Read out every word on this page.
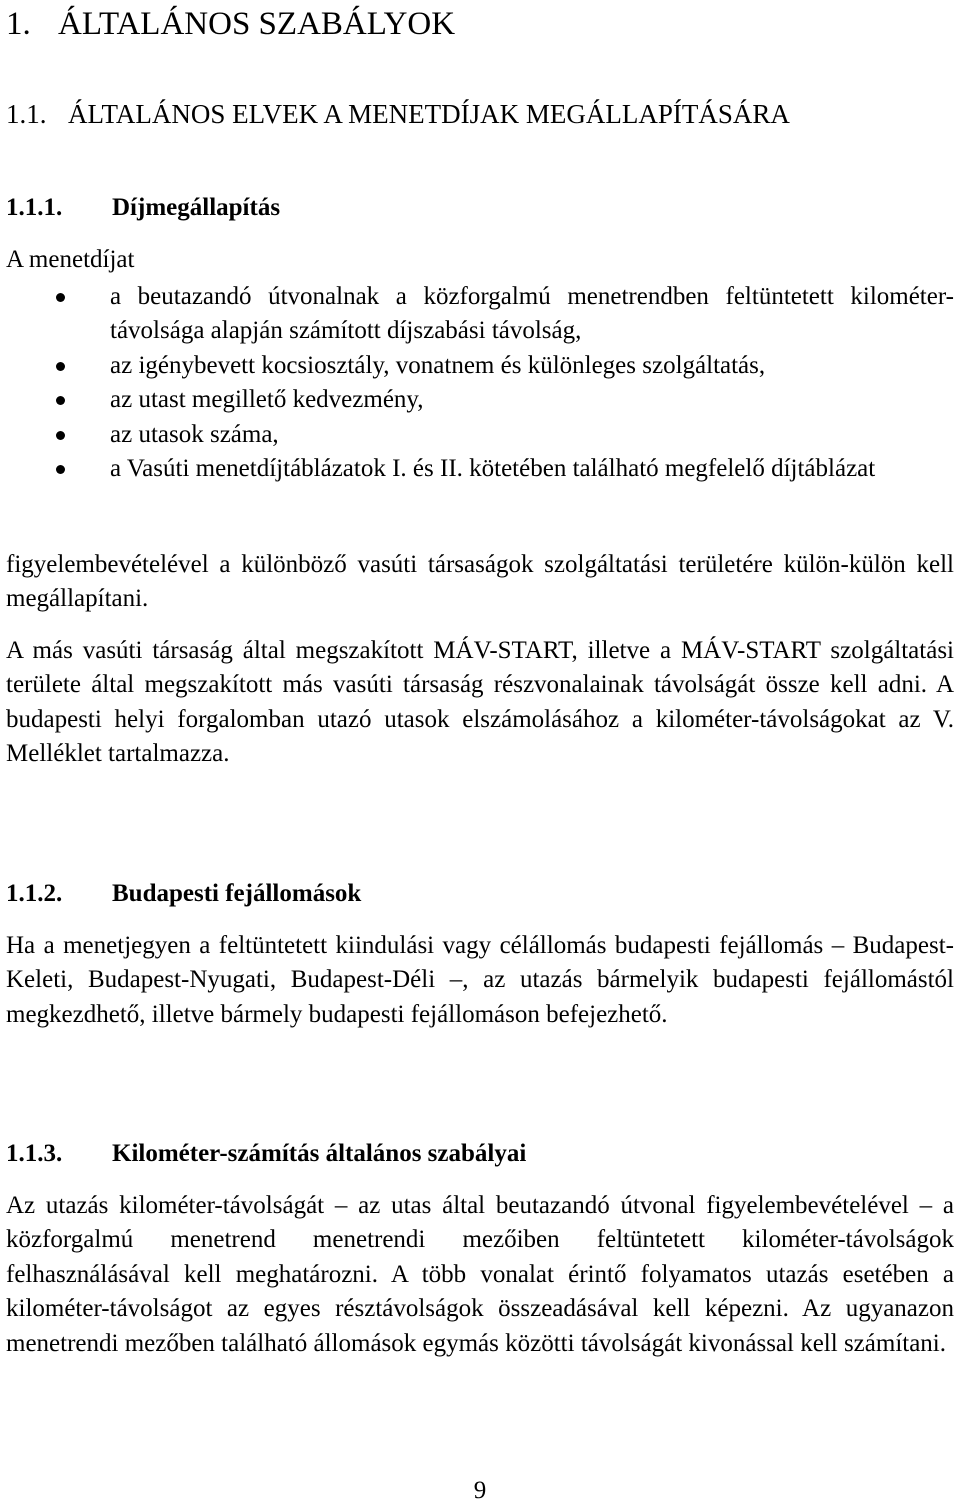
1. ÁLTALÁNOS SZABÁLYOK
1.1. ÁLTALÁNOS ELVEK A MENETDÍJAK MEGÁLLAPÍTÁSÁRA
1.1.1. Díjmegállapítás
A menetdíjat
a beutazandó útvonalnak a közforgalmú menetrendben feltüntetett kilométer-távolsága alapján számított díjszabási távolság,
az igénybevett kocsiosztály, vonatnem és különleges szolgáltatás,
az utast megillető kedvezmény,
az utasok száma,
a Vasúti menetdíjtáblázatok I. és II. kötetében található megfelelő díjtáblázat

figyelembevételével a különböző vasúti társaságok szolgáltatási területére külön-külön kell megállapítani.

A más vasúti társaság által megszakított MÁV-START, illetve a MÁV-START szolgáltatási területe által megszakított más vasúti társaság részvonalainak távolságát össze kell adni. A budapesti helyi forgalomban utazó utasok elszámolásához a kilométer-távolságokat az V. Melléklet tartalmazza.

1.1.2. Budapesti fejállomások

Ha a menetjegyen a feltüntetett kiindulási vagy célállomás budapesti fejállomás – Budapest-Keleti, Budapest-Nyugati, Budapest-Déli –, az utazás bármelyik budapesti fejállomástól megkezdhető, illetve bármely budapesti fejállomáson befejezhető.

1.1.3. Kilométer-számítás általános szabályai

Az utazás kilométer-távolságát – az utas által beutazandó útvonal figyelembevételével – a közforgalmú menetrend menetrendi mezőiben feltüntetett kilométer-távolságok felhasználásával kell meghatározni. A több vonalat érintő folyamatos utazás esetében a kilométer-távolságot az egyes résztávolságok összeadásával kell képezni. Az ugyanazon menetrendi mezőben található állomások egymás közötti távolságát kivonással kell számítani.

9
